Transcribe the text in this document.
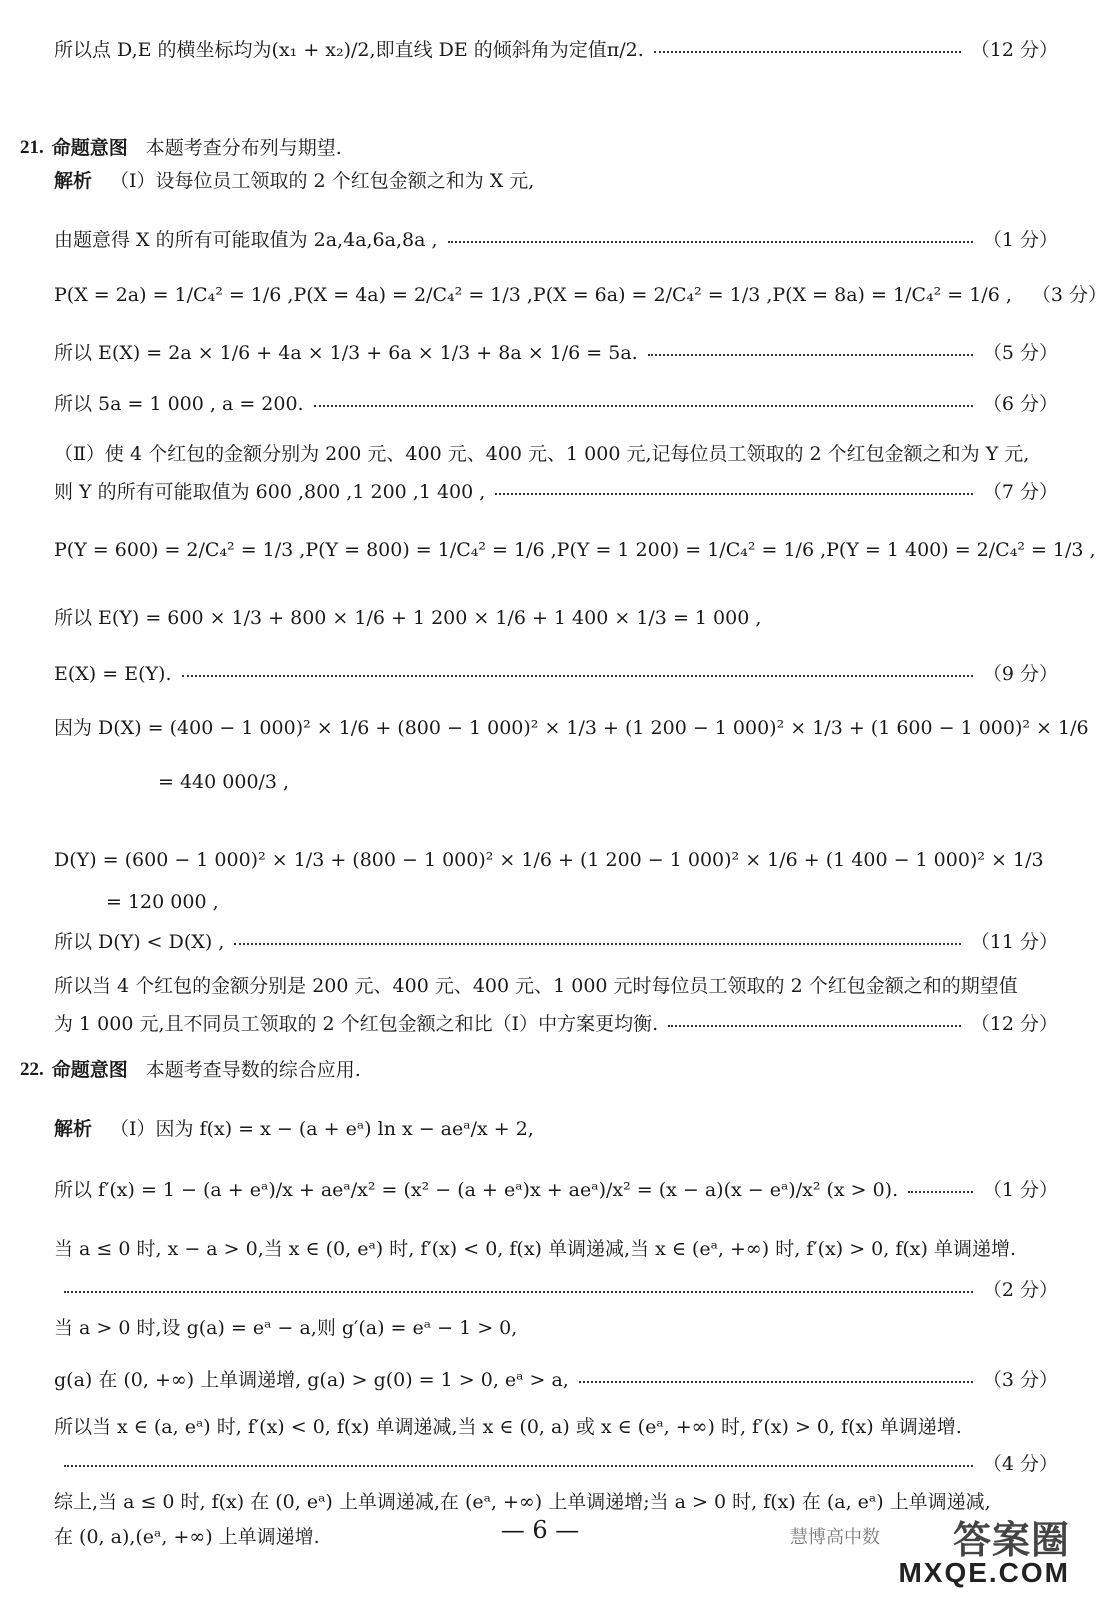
所以点 D,E 的横坐标均为(x₁ + x₂)/2,即直线 DE 的倾斜角为定值π/2.	（12 分）
21. 命题意图 本题考查分布列与期望.
解析 （Ⅰ）设每位员工领取的 2 个红包金额之和为 X 元,
由题意得 X 的所有可能取值为 2a,4a,6a,8a ,	（1 分）
P(X = 2a) = 1/C₄² = 1/6 ,P(X = 4a) = 2/C₄² = 1/3 ,P(X = 6a) = 2/C₄² = 1/3 ,P(X = 8a) = 1/C₄² = 1/6 , （3 分）
所以 E(X) = 2a × 1/6 + 4a × 1/3 + 6a × 1/3 + 8a × 1/6 = 5a.	（5 分）
所以 5a = 1 000 , a = 200.	（6 分）
（Ⅱ）使 4 个红包的金额分别为 200 元、400 元、400 元、1 000 元,记每位员工领取的 2 个红包金额之和为 Y 元,
则 Y 的所有可能取值为 600 ,800 ,1 200 ,1 400 ,	（7 分）
P(Y = 600) = 2/C₄² = 1/3 ,P(Y = 800) = 1/C₄² = 1/6 ,P(Y = 1 200) = 1/C₄² = 1/6 ,P(Y = 1 400) = 2/C₄² = 1/3 ,
所以 E(Y) = 600 × 1/3 + 800 × 1/6 + 1 200 × 1/6 + 1 400 × 1/3 = 1 000 ,
E(X) = E(Y).	（9 分）
因为 D(X) = (400 − 1 000)² × 1/6 + (800 − 1 000)² × 1/3 + (1 200 − 1 000)² × 1/3 + (1 600 − 1 000)² × 1/6
= 440 000/3 ,
D(Y) = (600 − 1 000)² × 1/3 + (800 − 1 000)² × 1/6 + (1 200 − 1 000)² × 1/6 + (1 400 − 1 000)² × 1/3
= 120 000 ,
所以 D(Y) < D(X) ,	（11 分）
所以当 4 个红包的金额分别是 200 元、400 元、400 元、1 000 元时每位员工领取的 2 个红包金额之和的期望值
为 1 000 元,且不同员工领取的 2 个红包金额之和比（Ⅰ）中方案更均衡.	（12 分）
22. 命题意图 本题考查导数的综合应用.
解析 （Ⅰ）因为 f(x) = x − (a + eᵃ) ln x − aeᵃ/x + 2,
所以 f′(x) = 1 − (a + eᵃ)/x + aeᵃ/x² = (x² − (a + eᵃ)x + aeᵃ)/x² = (x − a)(x − eᵃ)/x² (x > 0).	（1 分）
当 a ≤ 0 时, x − a > 0,当 x ∈ (0, eᵃ) 时, f′(x) < 0, f(x) 单调递减,当 x ∈ (eᵃ, +∞) 时, f′(x) > 0, f(x) 单调递增.
（2 分）
当 a > 0 时,设 g(a) = eᵃ − a,则 g′(a) = eᵃ − 1 > 0,
g(a) 在 (0, +∞) 上单调递增, g(a) > g(0) = 1 > 0, eᵃ > a,	（3 分）
所以当 x ∈ (a, eᵃ) 时, f′(x) < 0, f(x) 单调递减,当 x ∈ (0, a) 或 x ∈ (eᵃ, +∞) 时, f′(x) > 0, f(x) 单调递增.
（4 分）
综上,当 a ≤ 0 时, f(x) 在 (0, eᵃ) 上单调递减,在 (eᵃ, +∞) 上单调递增;当 a > 0 时, f(x) 在 (a, eᵃ) 上单调递减,
在 (0, a),(eᵃ, +∞) 上单调递增.	— 6 —	慧博高中数 答案圈
MXQE.COM
